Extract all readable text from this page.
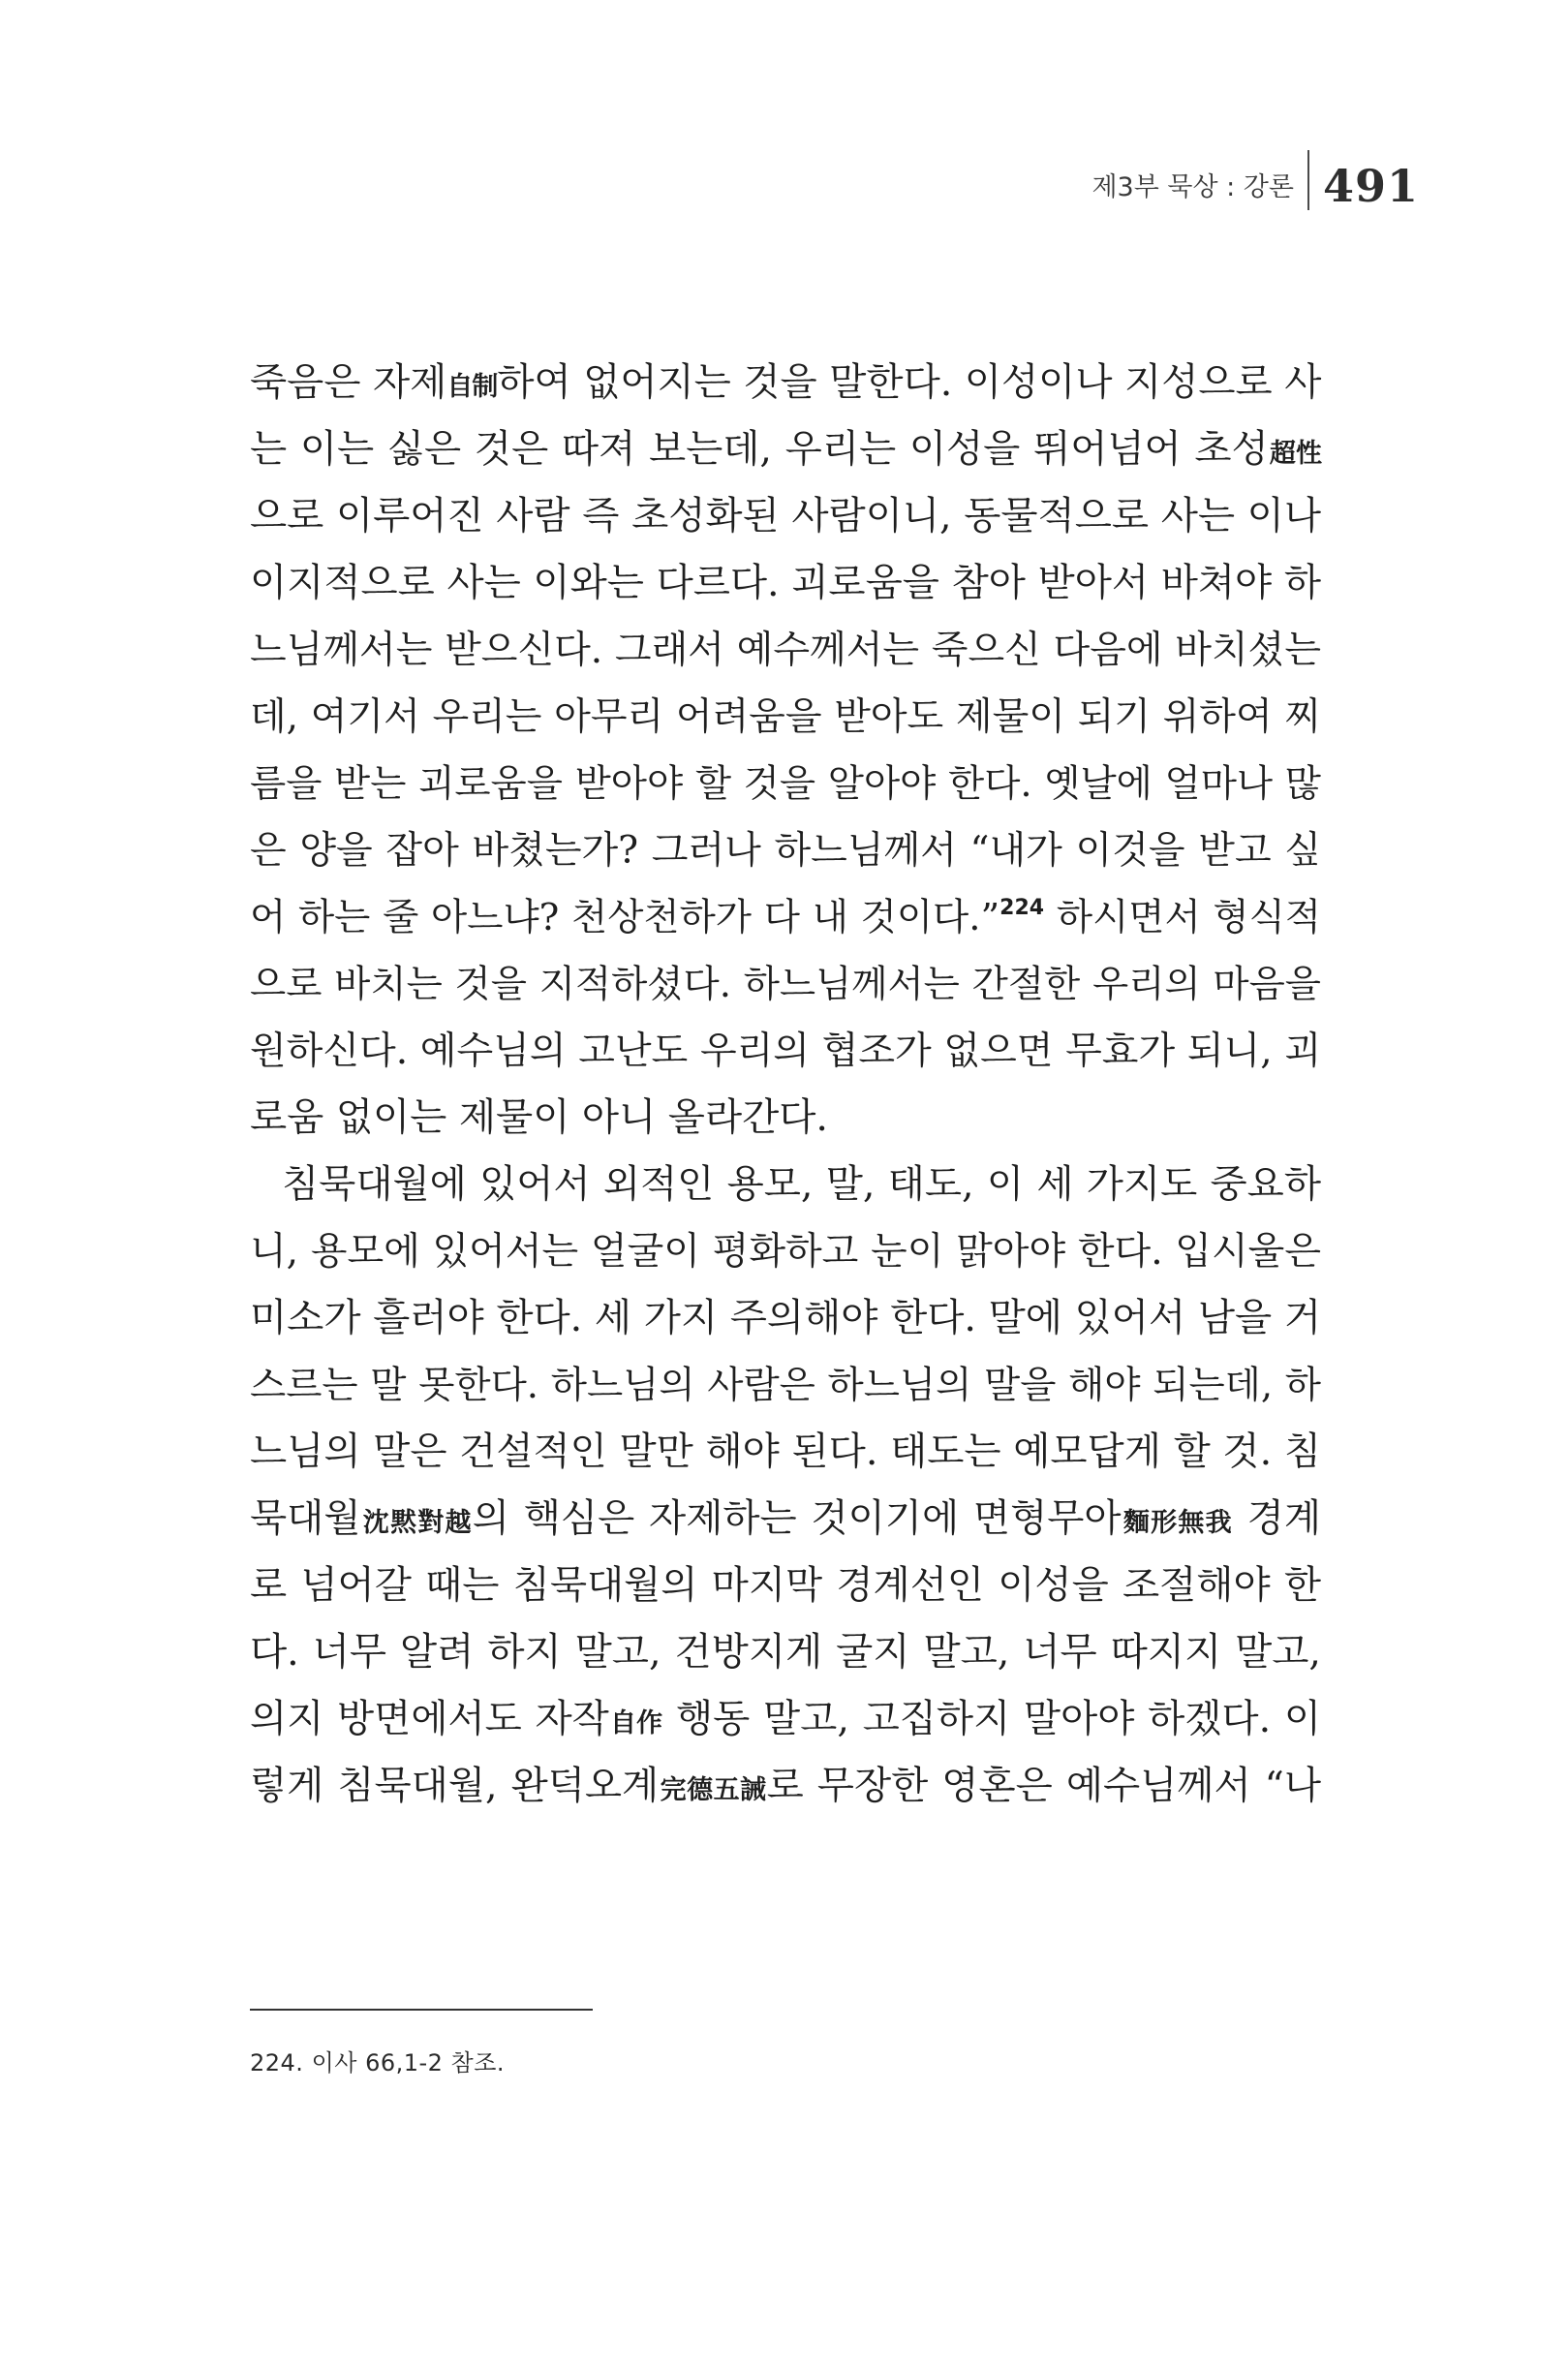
제3부 묵상 : 강론 491
죽음은 자제自制하여 없어지는 것을 말한다. 이성이나 지성으로 사
는 이는 싫은 것은 따져 보는데, 우리는 이성을 뛰어넘어 초성超性
으로 이루어진 사람 즉 초성화된 사람이니, 동물적으로 사는 이나
이지적으로 사는 이와는 다르다. 괴로움을 참아 받아서 바쳐야 하
느님께서는 받으신다. 그래서 예수께서는 죽으신 다음에 바치셨는
데, 여기서 우리는 아무리 어려움을 받아도 제물이 되기 위하여 찌
름을 받는 괴로움을 받아야 할 것을 알아야 한다. 옛날에 얼마나 많
은 양을 잡아 바쳤는가? 그러나 하느님께서 “내가 이것을 받고 싶
어 하는 줄 아느냐? 천상천하가 다 내 것이다.”$^{224}$ 하시면서 형식적
으로 바치는 것을 지적하셨다. 하느님께서는 간절한 우리의 마음을
원하신다. 예수님의 고난도 우리의 협조가 없으면 무효가 되니, 괴
로움 없이는 제물이 아니 올라간다.
침묵대월에 있어서 외적인 용모, 말, 태도, 이 세 가지도 중요하
니, 용모에 있어서는 얼굴이 평화하고 눈이 맑아야 한다. 입시울은
미소가 흘러야 한다. 세 가지 주의해야 한다. 말에 있어서 남을 거
스르는 말 못한다. 하느님의 사람은 하느님의 말을 해야 되는데, 하
느님의 말은 건설적인 말만 해야 된다. 태도는 예모답게 할 것. 침
묵대월沈黙對越의 핵심은 자제하는 것이기에 면형무아麵形無我 경계
로 넘어갈 때는 침묵대월의 마지막 경계선인 이성을 조절해야 한
다. 너무 알려 하지 말고, 건방지게 굴지 말고, 너무 따지지 말고,
의지 방면에서도 자작自作 행동 말고, 고집하지 말아야 하겠다. 이
렇게 침묵대월, 완덕오계完德五誡로 무장한 영혼은 예수님께서 “나
224. 이사 66,1-2 참조.
